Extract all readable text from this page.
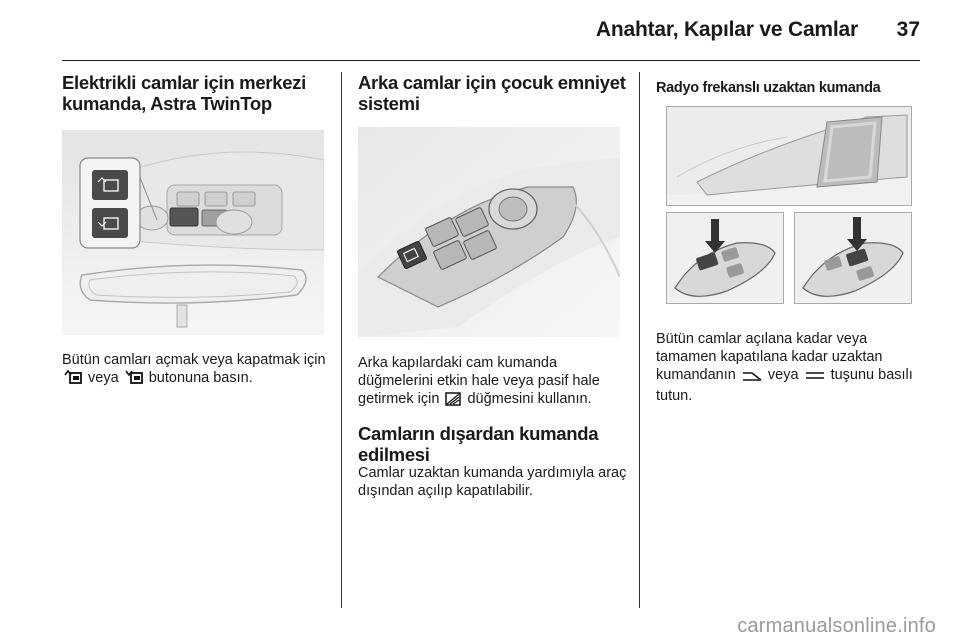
Anahtar, Kapılar ve Camlar 37
Elektrikli camlar için merkezi kumanda, Astra TwinTop

Bütün camları açmak veya kapatmak için  veya butonuna basın.

Arka camlar için çocuk emniyet sistemi

Arka kapılardaki cam kumanda düğmelerini etkin hale veya pasif hale getirmek için düğmesini kullanın.

Camların dışardan kumanda edilmesi

Camlar uzaktan kumanda yardımıyla araç dışından açılıp kapatılabilir.

Radyo frekanslı uzaktan kumanda

Bütün camlar açılana kadar veya tamamen kapatılana kadar uzaktan kumandanın veya tuşunu basılı tutun.

carmanualsonline.info
